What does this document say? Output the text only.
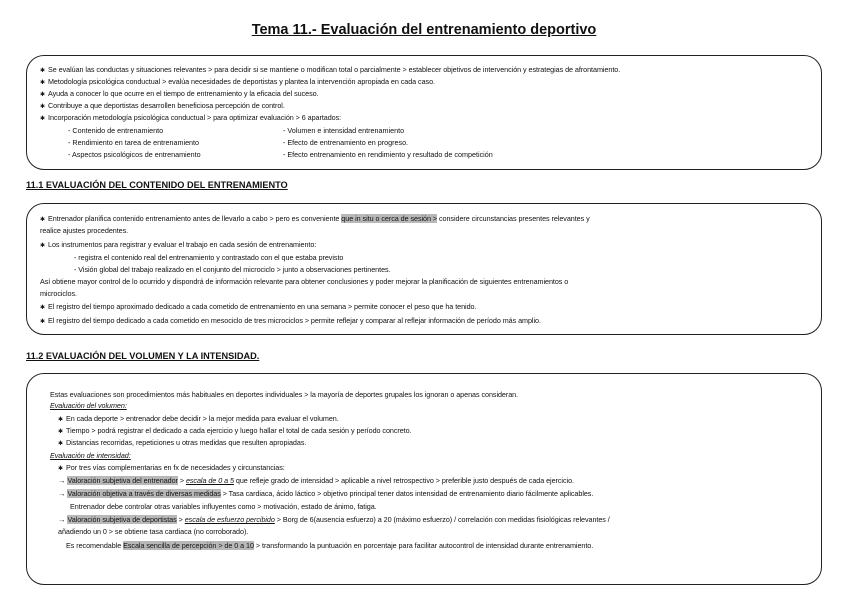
Tema 11.- Evaluación del entrenamiento deportivo
✱ Se evalúan las conductas y situaciones relevantes > para decidir si se mantiene o modifican total o parcialmente > establecer objetivos de intervención y estrategias de afrontamiento.
✱ Metodología psicológica conductual > evalúa necesidades de deportistas y plantea la intervención apropiada en cada caso.
✱ Ayuda a conocer lo que ocurre en el tiempo de entrenamiento y la eficacia del suceso.
✱ Contribuye a que deportistas desarrollen beneficiosa percepción de control.
✱ Incorporación metodología psicológica conductual > para optimizar evaluación > 6 apartados:
- Contenido de entrenamiento
- Rendimiento en tarea de entrenamiento
- Aspectos psicológicos de entrenamiento
- Volumen e intensidad entrenamiento
- Efecto de entrenamiento en progreso.
- Efecto entrenamiento en rendimiento y resultado de competición
11.1 EVALUACIÓN DEL CONTENIDO DEL ENTRENAMIENTO
✱ Entrenador planifica contenido entrenamiento antes de llevarlo a cabo > pero es conveniente que in situ o cerca de sesión > considere circunstancias presentes relevantes y
realice ajustes procedentes.
✱ Los instrumentos para registrar y evaluar el trabajo en cada sesión de entrenamiento:
- registra el contenido real del entrenamiento y contrastado con el que estaba previsto
- Visión global del trabajo realizado en el conjunto del microciclo > junto a observaciones pertinentes.
Así obtiene mayor control de lo ocurrido y dispondrá de información relevante para obtener conclusiones y poder mejorar la planificación de siguientes entrenamientos o
microciclos.
✱ El registro del tiempo aproximado dedicado a cada cometido de entrenamiento en una semana > permite conocer el peso que ha tenido.
✱ El registro del tiempo dedicado a cada cometido en mesociclo de tres microciclos > permite reflejar y comparar al reflejar información de período más amplio.
11.2 EVALUACIÓN DEL VOLUMEN Y LA INTENSIDAD.
Estas evaluaciones son procedimientos más habituales en deportes individuales > la mayoría de deportes grupales los ignoran o apenas consideran.
Evaluación del volumen:
✱ En cada deporte > entrenador debe decidir > la mejor medida para evaluar el volumen.
✱ Tiempo > podrá registrar el dedicado a cada ejercicio y luego hallar el total de cada sesión y período concreto.
✱ Distancias recorridas, repeticiones u otras medidas que resulten apropiadas.
Evaluación de intensidad:
✱ Por tres vías complementarias en fx de necesidades y circunstancias:
→ Valoración subjetiva del entrenador > escala de 0 a 5 que refleje grado de intensidad > aplicable a nivel retrospectivo > preferible justo después de cada ejercicio.
→ Valoración objetiva a través de diversas medidas > Tasa cardiaca, ácido láctico > objetivo principal tener datos intensidad de entrenamiento diario fácilmente aplicables.
Entrenador debe controlar otras variables influyentes como > motivación, estado de ánimo, fatiga.
→ Valoración subjetiva de deportistas > escala de esfuerzo percibido > Borg de 6(ausencia esfuerzo) a 20 (máximo esfuerzo) / correlación con medidas fisiológicas relevantes /
añadiendo un 0 > se obtiene tasa cardiaca (no corroborado).
Es recomendable Escala sencilla de percepción > de 0 a 10 > transformando la puntuación en porcentaje para facilitar autocontrol de intensidad durante entrenamiento.
